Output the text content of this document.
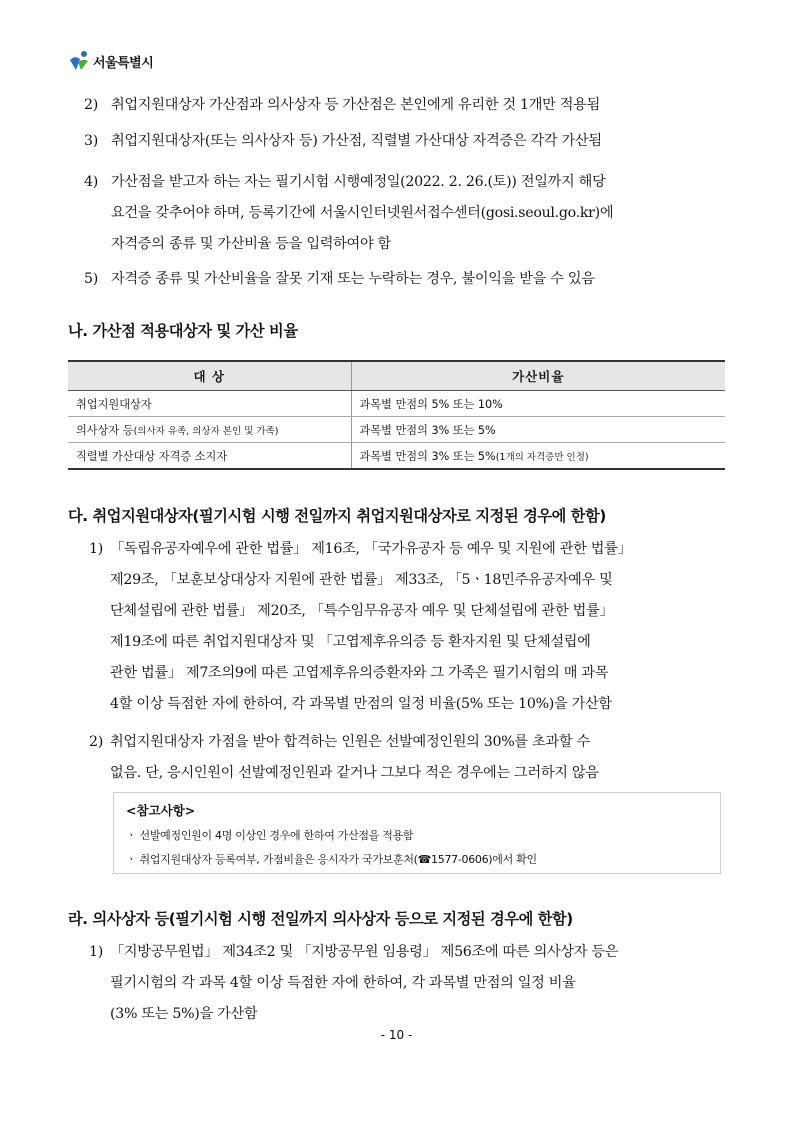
서울특별시
2) 취업지원대상자 가산점과 의사상자 등 가산점은 본인에게 유리한 것 1개만 적용됨
3) 취업지원대상자(또는 의사상자 등) 가산점, 직렬별 가산대상 자격증은 각각 가산됨
4) 가산점을 받고자 하는 자는 필기시험 시행예정일(2022. 2. 26.(토)) 전일까지 해당
요건을 갖추어야 하며, 등록기간에 서울시인터넷원서접수센터(gosi.seoul.go.kr)에
자격증의 종류 및 가산비율 등을 입력하여야 함
5) 자격증 종류 및 가산비율을 잘못 기재 또는 누락하는 경우, 불이익을 받을 수 있음
나. 가산점 적용대상자 및 가산 비율
대 상	가산비율
취업지원대상자	과목별 만점의 5% 또는 10%
의사상자 등(의사자 유족, 의상자 본인 및 가족)	과목별 만점의 3% 또는 5%
직렬별 가산대상 자격증 소지자	과목별 만점의 3% 또는 5%(1개의 자격증만 인정)
다. 취업지원대상자(필기시험 시행 전일까지 취업지원대상자로 지정된 경우에 한함)
1) 「독립유공자예우에 관한 법률」 제16조, 「국가유공자 등 예우 및 지원에 관한 법률」
제29조, 「보훈보상대상자 지원에 관한 법률」 제33조, 「5ㆍ18민주유공자예우 및
단체설립에 관한 법률」 제20조, 「특수임무유공자 예우 및 단체설립에 관한 법률」
제19조에 따른 취업지원대상자 및 「고엽제후유의증 등 환자지원 및 단체설립에
관한 법률」 제7조의9에 따른 고엽제후유의증환자와 그 가족은 필기시험의 매 과목
4할 이상 득점한 자에 한하여, 각 과목별 만점의 일정 비율(5% 또는 10%)을 가산함
2) 취업지원대상자 가점을 받아 합격하는 인원은 선발예정인원의 30%를 초과할 수
없음. 단, 응시인원이 선발예정인원과 같거나 그보다 적은 경우에는 그러하지 않음
<참고사항>
ㆍ 선발예정인원이 4명 이상인 경우에 한하여 가산점을 적용함
ㆍ 취업지원대상자 등록여부, 가점비율은 응시자가 국가보훈처(☎1577-0606)에서 확인
라. 의사상자 등(필기시험 시행 전일까지 의사상자 등으로 지정된 경우에 한함)
1) 「지방공무원법」 제34조2 및 「지방공무원 임용령」 제56조에 따른 의사상자 등은
필기시험의 각 과목 4할 이상 득점한 자에 한하여, 각 과목별 만점의 일정 비율
(3% 또는 5%)을 가산함
- 10 -
